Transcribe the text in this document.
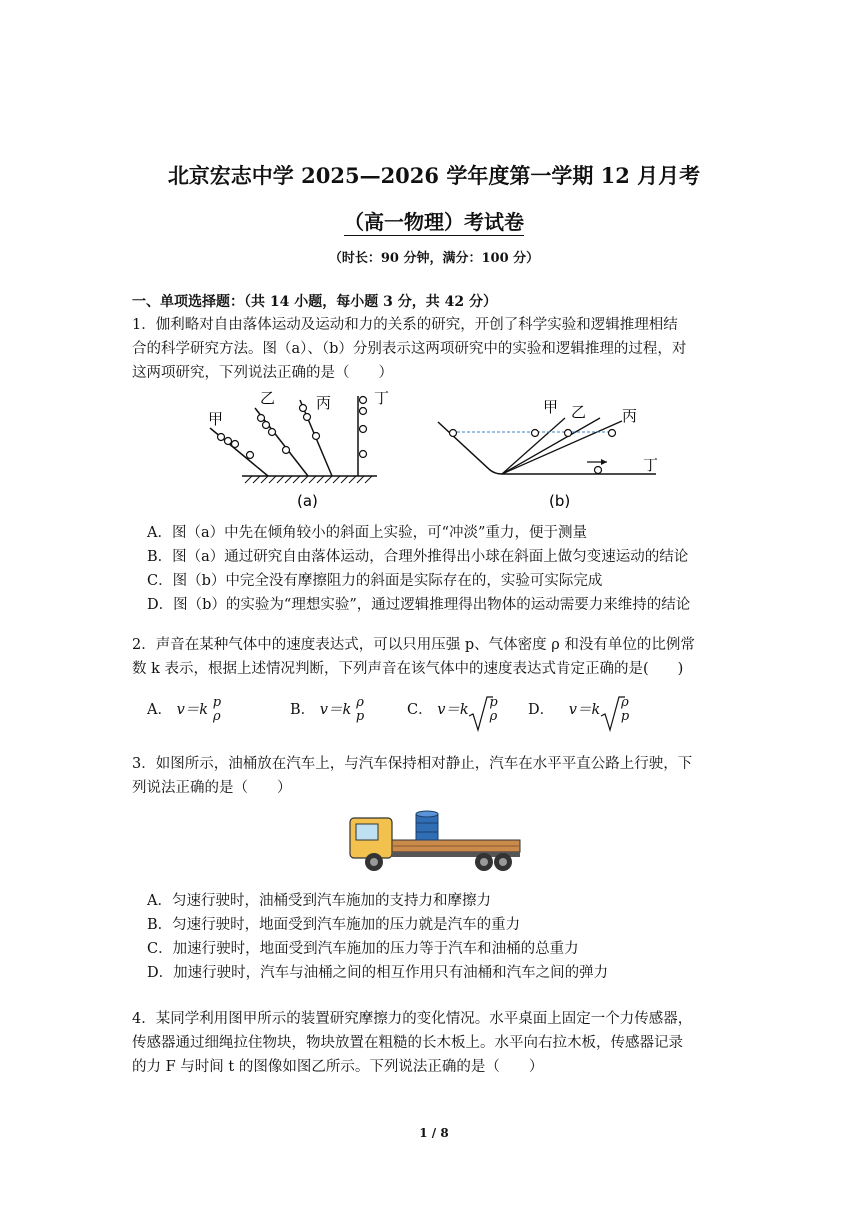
北京宏志中学 2025—2026 学年度第一学期 12 月月考
（高一物理）考试卷
（时长：90 分钟，满分：100 分）
一、单项选择题：（共 14 小题，每小题 3 分，共 42 分）
1．伽利略对自由落体运动及运动和力的关系的研究，开创了科学实验和逻辑推理相结
合的科学研究方法。图（a）、（b）分别表示这两项研究中的实验和逻辑推理的过程，对
这两项研究，下列说法正确的是（　　）
甲
乙	丙	丁
(a)
甲 乙 丙
丁
(b)
A．图（a）中先在倾角较小的斜面上实验，可“冲淡”重力，便于测量
B．图（a）通过研究自由落体运动，合理外推得出小球在斜面上做匀变速运动的结论
C．图（b）中完全没有摩擦阻力的斜面是实际存在的，实验可实际完成
D．图（b）的实验为“理想实验”，通过逻辑推理得出物体的运动需要力来维持的结论
2．声音在某种气体中的速度表达式，可以只用压强 p、气体密度 ρ 和没有单位的比例常
数 k 表示，根据上述情况判断，下列声音在该气体中的速度表达式肯定正确的是(　　)
A． v＝k p
ρ	B． v＝k ρ
p	C． v＝k p
ρ D． v＝k ρ
p
3．如图所示，油桶放在汽车上，与汽车保持相对静止，汽车在水平平直公路上行驶，下
列说法正确的是（　　）
A．匀速行驶时，油桶受到汽车施加的支持力和摩擦力
B．匀速行驶时，地面受到汽车施加的压力就是汽车的重力
C．加速行驶时，地面受到汽车施加的压力等于汽车和油桶的总重力
D．加速行驶时，汽车与油桶之间的相互作用只有油桶和汽车之间的弹力
4．某同学利用图甲所示的装置研究摩擦力的变化情况。水平桌面上固定一个力传感器，
传感器通过细绳拉住物块，物块放置在粗糙的长木板上。水平向右拉木板，传感器记录
的力 F 与时间 t 的图像如图乙所示。下列说法正确的是（　　）
1 / 8
